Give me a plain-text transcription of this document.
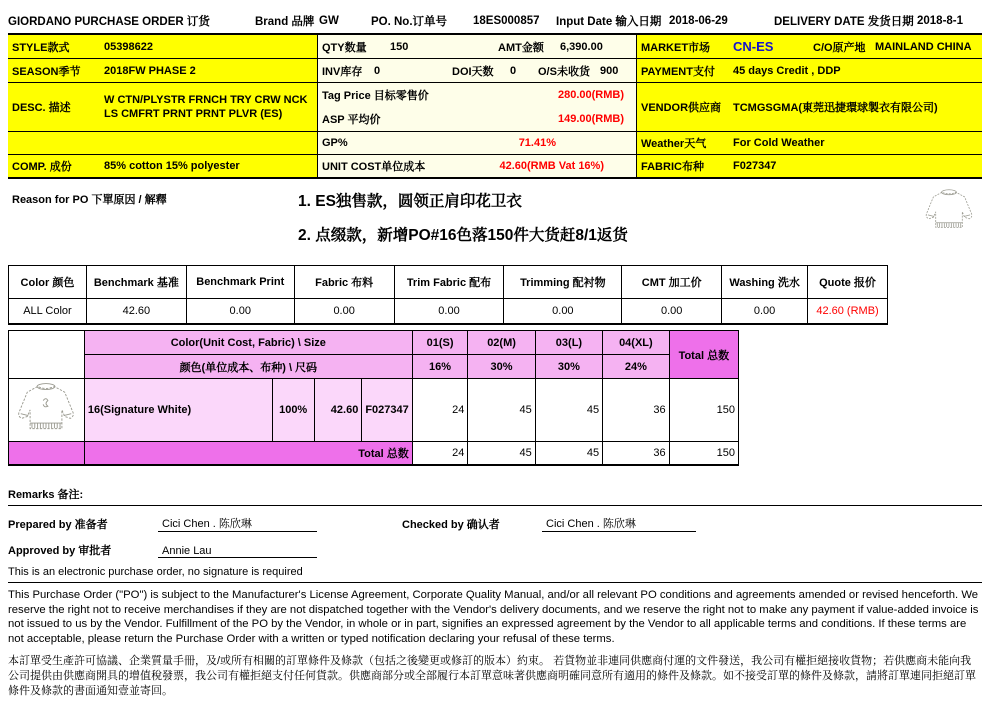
GIORDANO PURCHASE ORDER 订货	Brand 品牌 GW	PO. No.订单号	18ES000857	Input Date 输入日期 2018-06-29	DELIVERY DATE 发货日期 2018-8-1
STYLE款式	05398622	QTY数量	150	AMT金额	6,390.00	MARKET市场	CN-ES	C/O原产地 MAINLAND CHINA
SEASON季节	2018FW PHASE 2	INV库存	0	DOI天数	0	O/S未收货 900 PAYMENT支付	45 days Credit , DDP
DESC. 描述
W CTN/PLYSTR FRNCH TRY CRW NCK LS CMFRT PRNT PRNT PLVR (ES)
Tag Price 目标零售价	280.00(RMB)
ASP 平均价	149.00(RMB)
VENDOR供应商	TCMGSGMA(東莞迅捷環球製衣有限公司)
GP%	71.41%	Weather天气	For Cold Weather
COMP. 成份	85% cotton 15% polyester	UNIT COST单位成本	42.60(RMB Vat 16%)	FABRIC布种	F027347
Reason for PO 下單原因 / 解釋	1. ES独售款，圆领正肩印花卫衣
2. 点缀款，新增PO#16色落150件大货赶8/1返货
Color 颜色	Benchmark 基准	Benchmark Print	Fabric 布料	Trim Fabric 配布	Trimming 配衬物	CMT 加工价	Washing 洗水	Quote 报价
ALL Color	42.60	0.00	0.00	0.00	0.00	0.00	0.00	42.60 (RMB)
	Color(Unit Cost, Fabric) \ Size				01(S)	02(M)	03(L)	04(XL)	Total 总数
	颜色(单位成本、布种) \ 尺码				16%	30%	30%	24%	
	16(Signature White)	100%	42.60	F027347	24	45	45	36	150
	Total 总数				24	45	45	36	150
Remarks 备注:
Prepared by 准备者	Cici Chen . 陈欣琳	Checked by 确认者	Cici Chen . 陈欣琳
Approved by 审批者	Annie Lau
This is an electronic purchase order, no signature is required
This Purchase Order ("PO") is subject to the Manufacturer's License Agreement, Corporate Quality Manual, and/or all relevant PO conditions and agreements amended or revised henceforth. We reserve the right not to receive merchandises if they are not dispatched together with the Vendor's delivery documents, and we reserve the right not to make any payment if value-added invoice is not issued to us by the Vendor. Fulfillment of the PO by the Vendor, in whole or in part, signifies an expressed agreement by the Vendor to all applicable terms and conditions. If these terms are not acceptable, please return the Purchase Order with a written or typed notification declaring your refusal of these terms.
本訂單受生產許可協議、企業質量手冊，及/或所有相關的訂單條件及條款（包括之後變更或修訂的版本）約束。 若貨物並非連同供應商付運的文件發送，我公司有權拒絕接收貨物；若供應商未能向我公司提供由供應商開具的增值稅發票，我公司有權拒絕支付任何貨款。供應商部分或全部履行本訂單意味著供應商明確同意所有適用的條件及條款。如不接受訂單的條件及條款，請將訂單連同拒絕訂單條件及條款的書面通知壹並寄回。
